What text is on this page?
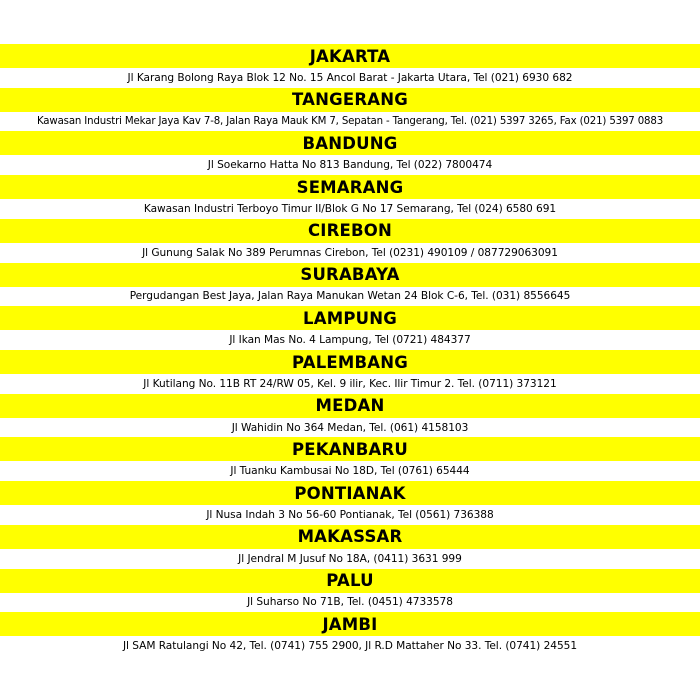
JAKARTA
Jl Karang Bolong Raya Blok 12 No. 15 Ancol Barat - Jakarta Utara, Tel (021) 6930 682
TANGERANG
Kawasan Industri Mekar Jaya Kav 7-8, Jalan Raya Mauk KM 7, Sepatan - Tangerang, Tel. (021) 5397 3265, Fax (021) 5397 0883
BANDUNG
Jl Soekarno Hatta No 813 Bandung, Tel (022) 7800474
SEMARANG
Kawasan Industri Terboyo Timur II/Blok G No 17 Semarang, Tel (024) 6580 691
CIREBON
Jl Gunung Salak No 389 Perumnas Cirebon, Tel (0231) 490109 / 087729063091
SURABAYA
Pergudangan Best Jaya, Jalan Raya Manukan Wetan 24 Blok C-6, Tel. (031) 8556645
LAMPUNG
Jl Ikan Mas No. 4 Lampung, Tel (0721) 484377
PALEMBANG
Jl Kutilang No. 11B RT 24/RW 05, Kel. 9 ilir, Kec. Ilir Timur 2. Tel. (0711) 373121
MEDAN
Jl Wahidin No 364 Medan, Tel. (061) 4158103
PEKANBARU
Jl Tuanku Kambusai No 18D, Tel (0761) 65444
PONTIANAK
Jl Nusa Indah 3 No 56-60 Pontianak, Tel (0561) 736388
MAKASSAR
Jl Jendral M Jusuf No 18A, (0411) 3631 999
PALU
Jl Suharso No 71B, Tel. (0451) 4733578
JAMBI
Jl SAM Ratulangi No 42, Tel. (0741) 755 2900, Jl R.D Mattaher No 33. Tel. (0741) 24551
